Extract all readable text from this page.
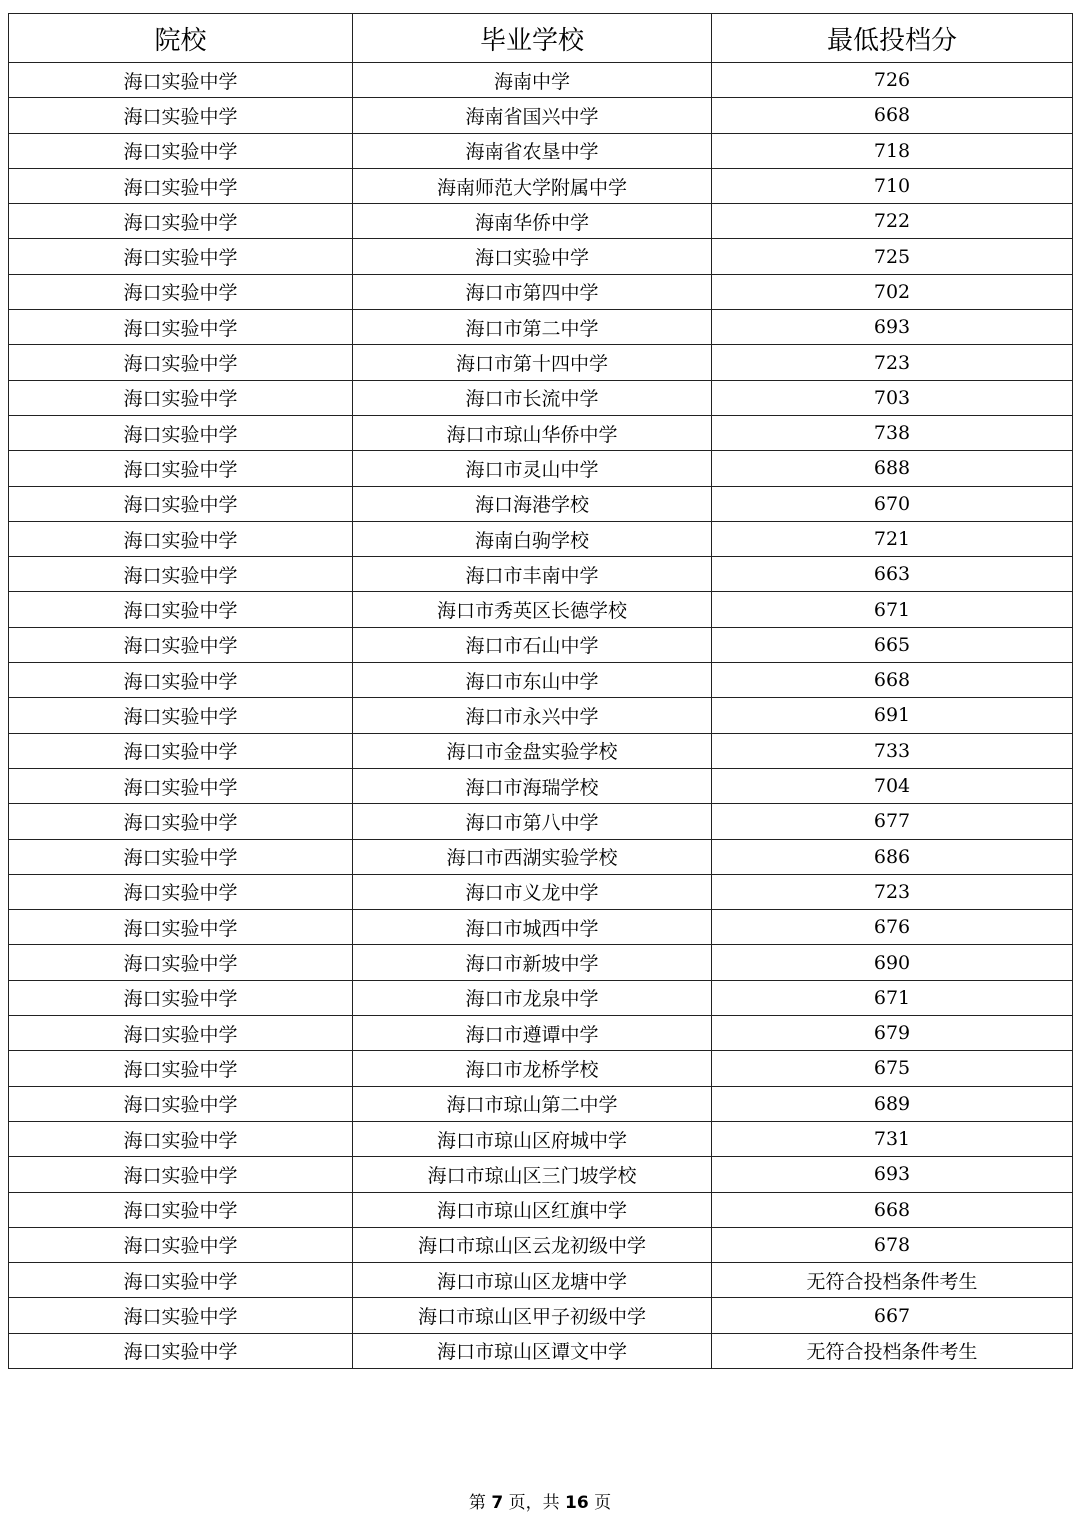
院校	毕业学校	最低投档分
海口实验中学	海南中学	726
海口实验中学	海南省国兴中学	668
海口实验中学	海南省农垦中学	718
海口实验中学	海南师范大学附属中学	710
海口实验中学	海南华侨中学	722
海口实验中学	海口实验中学	725
海口实验中学	海口市第四中学	702
海口实验中学	海口市第二中学	693
海口实验中学	海口市第十四中学	723
海口实验中学	海口市长流中学	703
海口实验中学	海口市琼山华侨中学	738
海口实验中学	海口市灵山中学	688
海口实验中学	海口海港学校	670
海口实验中学	海南白驹学校	721
海口实验中学	海口市丰南中学	663
海口实验中学	海口市秀英区长德学校	671
海口实验中学	海口市石山中学	665
海口实验中学	海口市东山中学	668
海口实验中学	海口市永兴中学	691
海口实验中学	海口市金盘实验学校	733
海口实验中学	海口市海瑞学校	704
海口实验中学	海口市第八中学	677
海口实验中学	海口市西湖实验学校	686
海口实验中学	海口市义龙中学	723
海口实验中学	海口市城西中学	676
海口实验中学	海口市新坡中学	690
海口实验中学	海口市龙泉中学	671
海口实验中学	海口市遵谭中学	679
海口实验中学	海口市龙桥学校	675
海口实验中学	海口市琼山第二中学	689
海口实验中学	海口市琼山区府城中学	731
海口实验中学	海口市琼山区三门坡学校	693
海口实验中学	海口市琼山区红旗中学	668
海口实验中学	海口市琼山区云龙初级中学	678
海口实验中学	海口市琼山区龙塘中学	无符合投档条件考生
海口实验中学	海口市琼山区甲子初级中学	667
海口实验中学	海口市琼山区谭文中学	无符合投档条件考生
第 7 页，共 16 页
